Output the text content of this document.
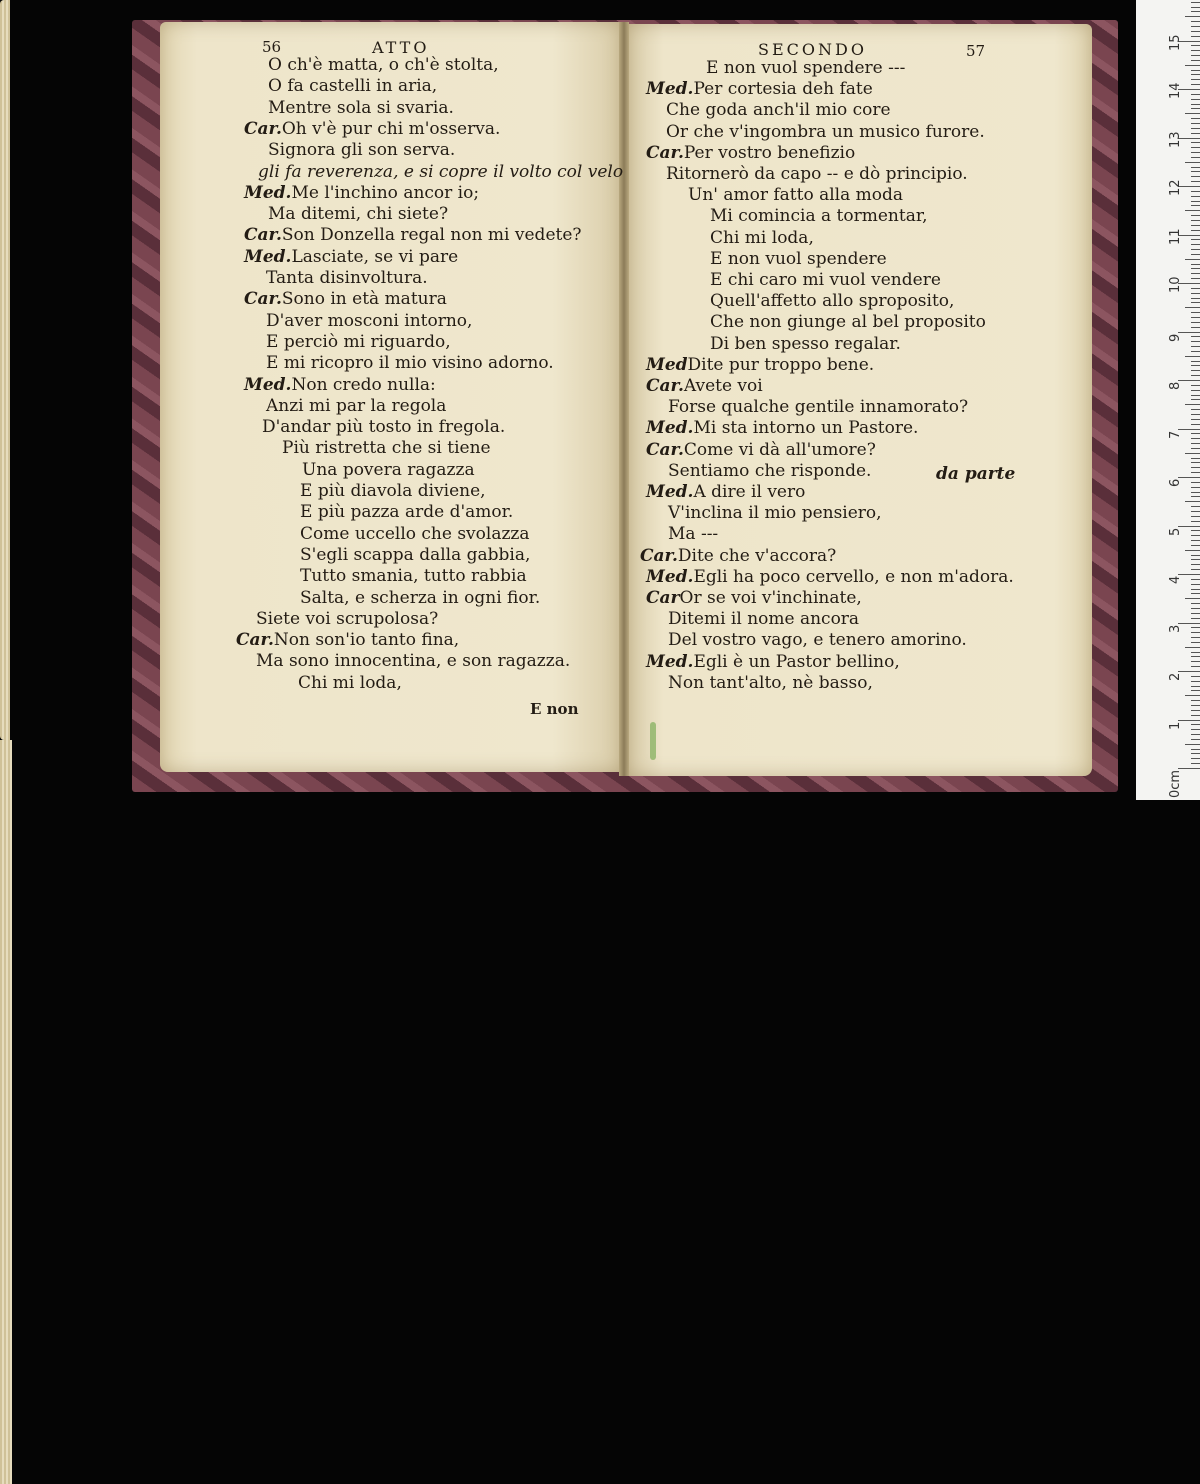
56	ATTO
E non
O ch'è matta, o ch'è stolta,
O fa castelli in aria,
Mentre sola si svaria.
Car.Oh v'è pur chi m'osserva.
Signora gli son serva.
gli fa reverenza, e si copre il volto col velo
Med.Me l'inchino ancor io;
Ma ditemi, chi siete?
Car.Son Donzella regal non mi vedete?
Med.Lasciate, se vi pare
Tanta disinvoltura.
Car.Sono in età matura
D'aver mosconi intorno,
E perciò mi riguardo,
E mi ricopro il mio visino adorno.
Med.Non credo nulla:
Anzi mi par la regola
D'andar più tosto in fregola.
Più ristretta che si tiene
Una povera ragazza
E più diavola diviene,
E più pazza arde d'amor.
Come uccello che svolazza
S'egli scappa dalla gabbia,
Tutto smania, tutto rabbia
Salta, e scherza in ogni fior.
Siete voi scrupolosa?
Car.Non son'io tanto fina,
Ma sono innocentina, e son ragazza.
Chi mi loda,
SECONDO	57
da parte
E non vuol spendere ---
Med.Per cortesia deh fate
Che goda anch'il mio core
Or che v'ingombra un musico furore.
Car.Per vostro benefizio
Ritornerò da capo -- e dò principio.
Un' amor fatto alla moda
Mi comincia a tormentar,
Chi mi loda,
E non vuol spendere
E chi caro mi vuol vendere
Quell'affetto allo sproposito,
Che non giunge al bel proposito
Di ben spesso regalar.
MedDite pur troppo bene.
Car.Avete voi
Forse qualche gentile innamorato?
Med.Mi sta intorno un Pastore.
Car.Come vi dà all'umore?
Sentiamo che risponde.
Med.A dire il vero
V'inclina il mio pensiero,
Ma ---
Car.Dite che v'accora?
Med.Egli ha poco cervello, e non m'adora.
CarOr se voi v'inchinate,
Ditemi il nome ancora
Del vostro vago, e tenero amorino.
Med.Egli è un Pastor bellino,
Non tant'alto, nè basso,
15
14
13
12
11
10
9
8
7
6
5
4
3
2
1
0cm
